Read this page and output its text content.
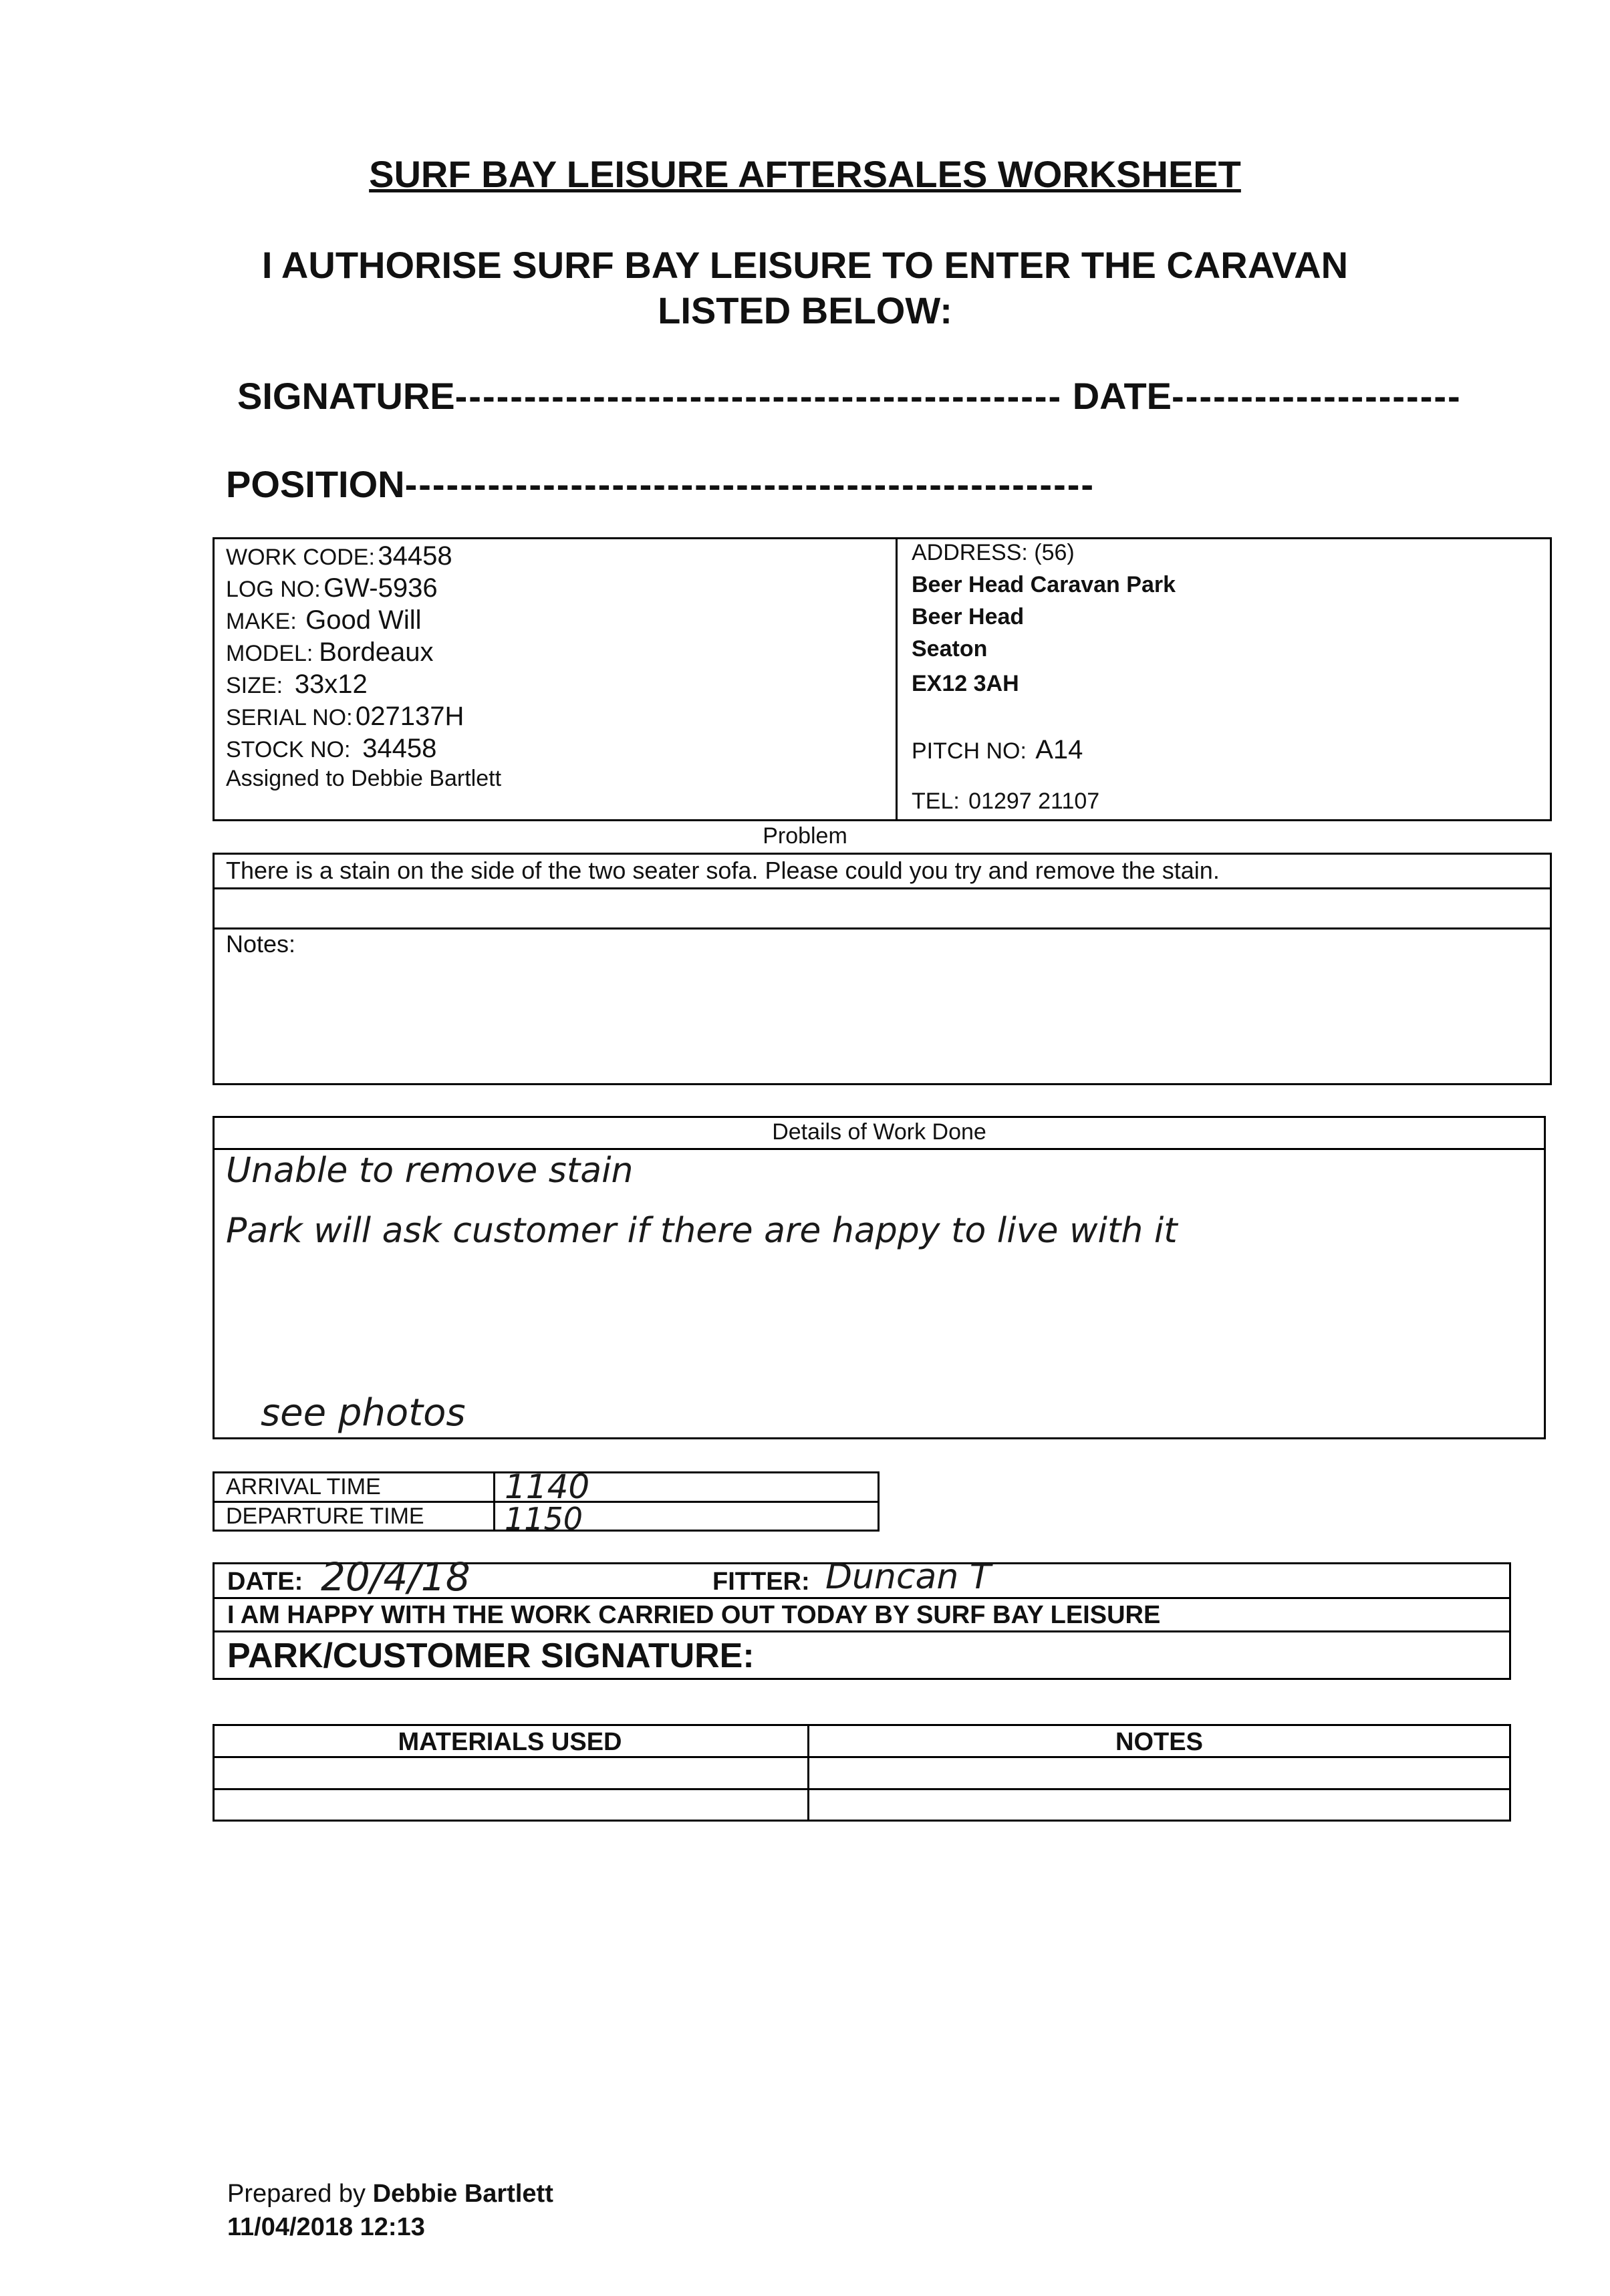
SURF BAY LEISURE AFTERSALES WORKSHEET
I AUTHORISE SURF BAY LEISURE TO ENTER THE CARAVAN
LISTED BELOW:
SIGNATURE-------------------------------------------- DATE---------------------
POSITION--------------------------------------------------
WORK CODE: 34458
LOG NO: GW-5936
MAKE: Good Will
MODEL: Bordeaux
SIZE: 33x12
SERIAL NO: 027137H
STOCK NO: 34458
Assigned to Debbie Bartlett
ADDRESS: (56)
Beer Head Caravan Park
Beer Head
Seaton
EX12 3AH
PITCH NO: A14
TEL: 01297 21107
Problem
There is a stain on the side of the two seater sofa. Please could you try and remove the stain.
Notes:
Details of Work Done
Unable to remove stain
Park will ask customer if there are happy to live with it
see photos
ARRIVAL TIME
DEPARTURE TIME
1140
1150
DATE: 20/4/18	FITTER: Duncan T
I AM HAPPY WITH THE WORK CARRIED OUT TODAY BY SURF BAY LEISURE
PARK/CUSTOMER SIGNATURE:
MATERIALS USED	NOTES
Prepared by Debbie Bartlett
11/04/2018 12:13
